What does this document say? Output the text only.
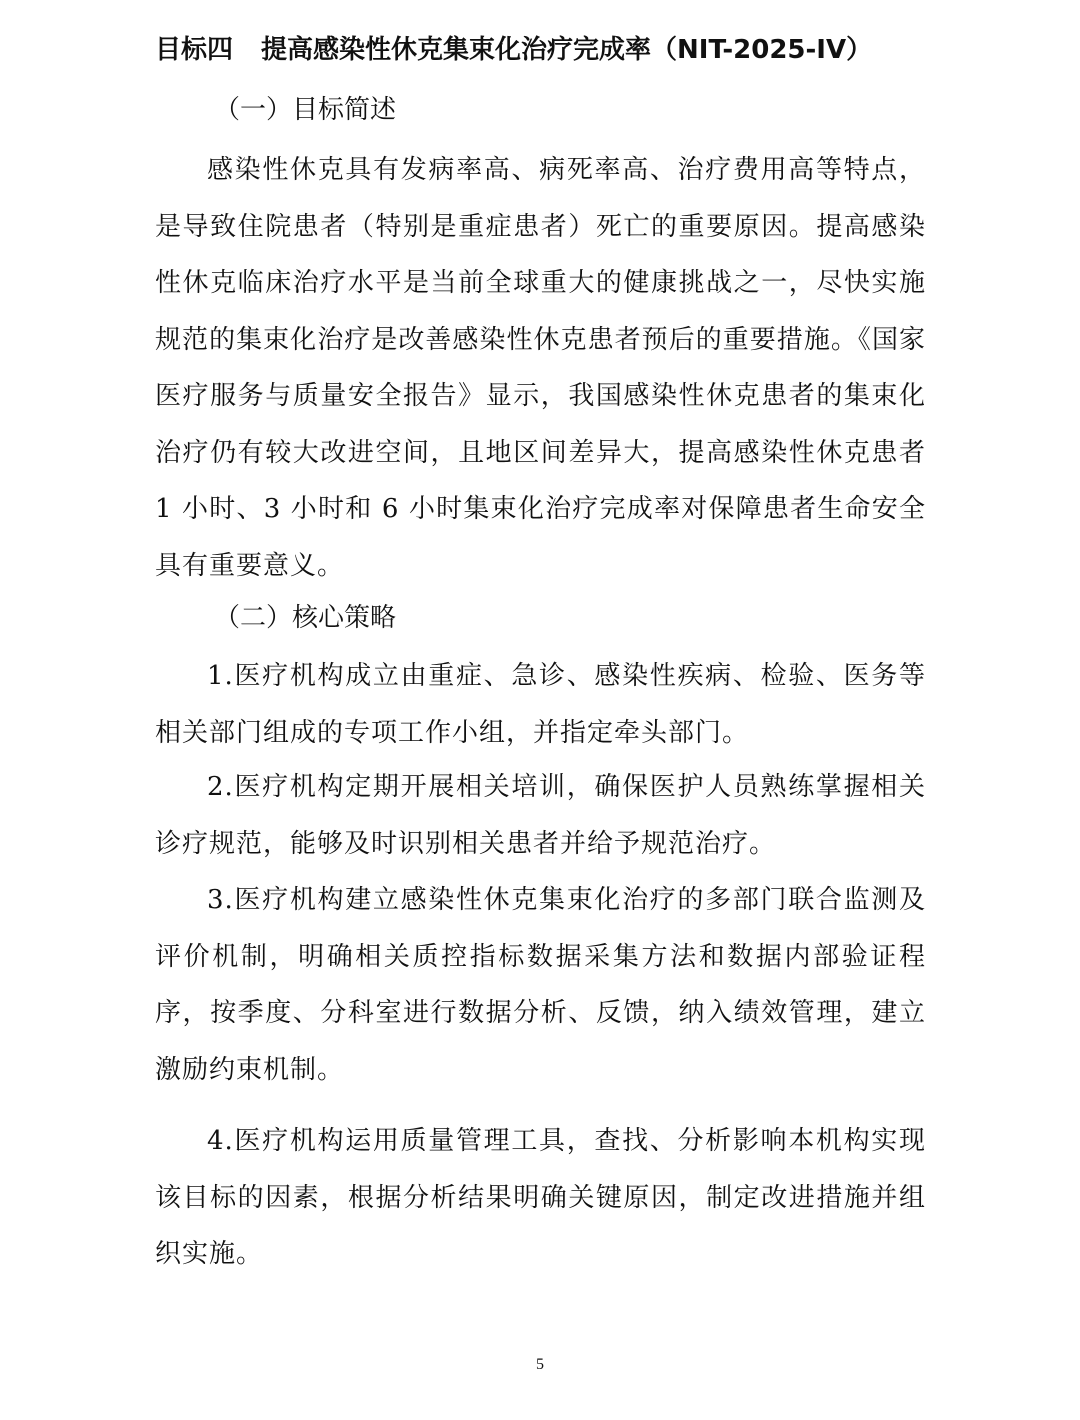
目标四 提高感染性休克集束化治疗完成率（NIT-2025-IV）
（一）目标简述

感染性休克具有发病率高、病死率高、治疗费用高等特点，是导致住院患者（特别是重症患者）死亡的重要原因。提高感染性休克临床治疗水平是当前全球重大的健康挑战之一，尽快实施规范的集束化治疗是改善感染性休克患者预后的重要措施。《国家医疗服务与质量安全报告》显示，我国感染性休克患者的集束化治疗仍有较大改进空间，且地区间差异大，提高感染性休克患者 1 小时、3 小时和 6 小时集束化治疗完成率对保障患者生命安全具有重要意义。

（二）核心策略

1.医疗机构成立由重症、急诊、感染性疾病、检验、医务等相关部门组成的专项工作小组，并指定牵头部门。

2.医疗机构定期开展相关培训，确保医护人员熟练掌握相关诊疗规范，能够及时识别相关患者并给予规范治疗。

3.医疗机构建立感染性休克集束化治疗的多部门联合监测及评价机制，明确相关质控指标数据采集方法和数据内部验证程序，按季度、分科室进行数据分析、反馈，纳入绩效管理，建立激励约束机制。

4.医疗机构运用质量管理工具，查找、分析影响本机构实现该目标的因素，根据分析结果明确关键原因，制定改进措施并组织实施。

5
